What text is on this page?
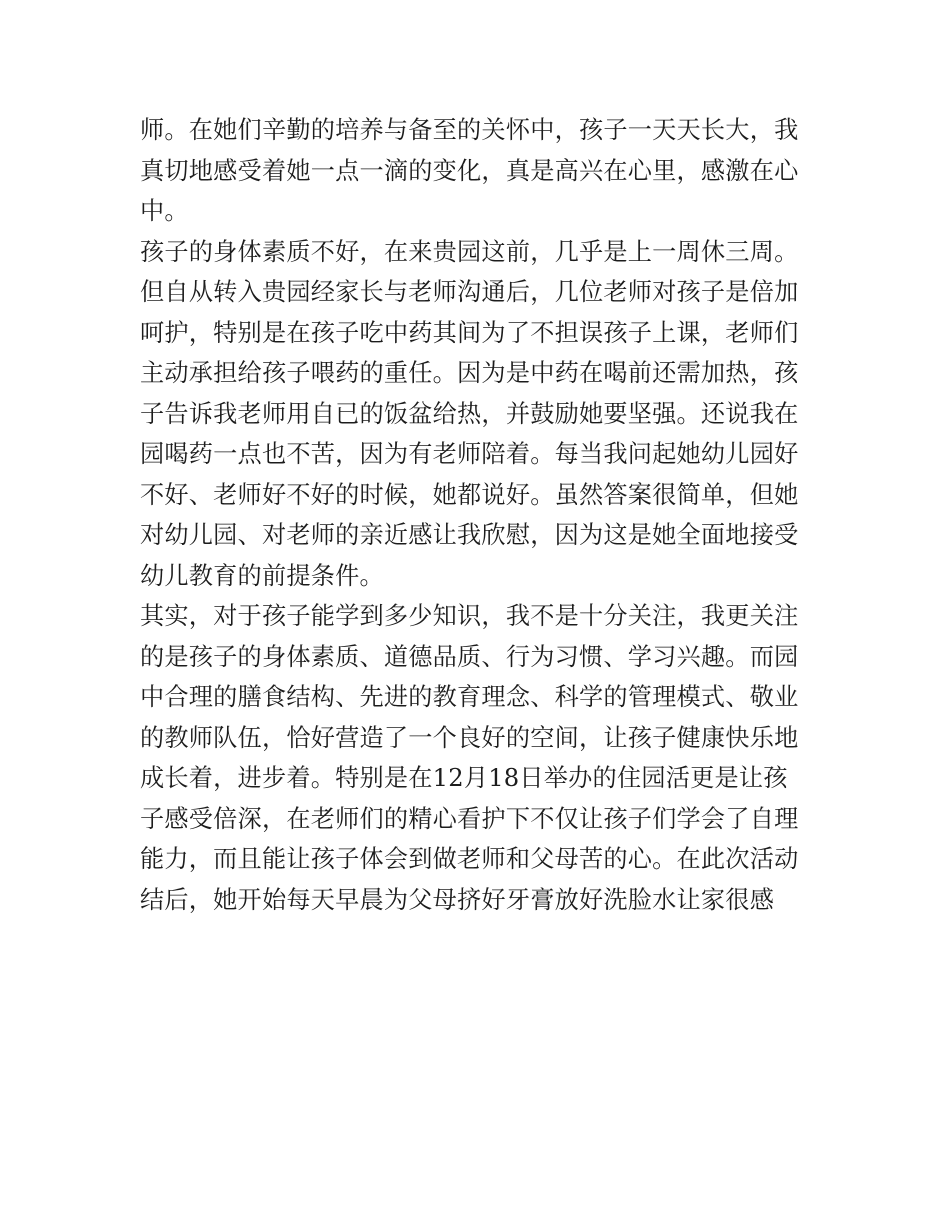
师。在她们辛勤的培养与备至的关怀中，孩子一天天长大，我
真切地感受着她一点一滴的变化，真是高兴在心里，感激在心
中。
孩子的身体素质不好，在来贵园这前，几乎是上一周休三周。
但自从转入贵园经家长与老师沟通后，几位老师对孩子是倍加
呵护，特别是在孩子吃中药其间为了不担误孩子上课，老师们
主动承担给孩子喂药的重任。因为是中药在喝前还需加热，孩
子告诉我老师用自已的饭盆给热，并鼓励她要坚强。还说我在
园喝药一点也不苦，因为有老师陪着。每当我问起她幼儿园好
不好、老师好不好的时候，她都说好。虽然答案很简单，但她
对幼儿园、对老师的亲近感让我欣慰，因为这是她全面地接受
幼儿教育的前提条件。
其实，对于孩子能学到多少知识，我不是十分关注，我更关注
的是孩子的身体素质、道德品质、行为习惯、学习兴趣。而园
中合理的膳食结构、先进的教育理念、科学的管理模式、敬业
的教师队伍，恰好营造了一个良好的空间，让孩子健康快乐地
成长着，进步着。特别是在12月18日举办的住园活更是让孩
子感受倍深，在老师们的精心看护下不仅让孩子们学会了自理
能力，而且能让孩子体会到做老师和父母苦的心。在此次活动
结后，她开始每天早晨为父母挤好牙膏放好洗脸水让家很感
